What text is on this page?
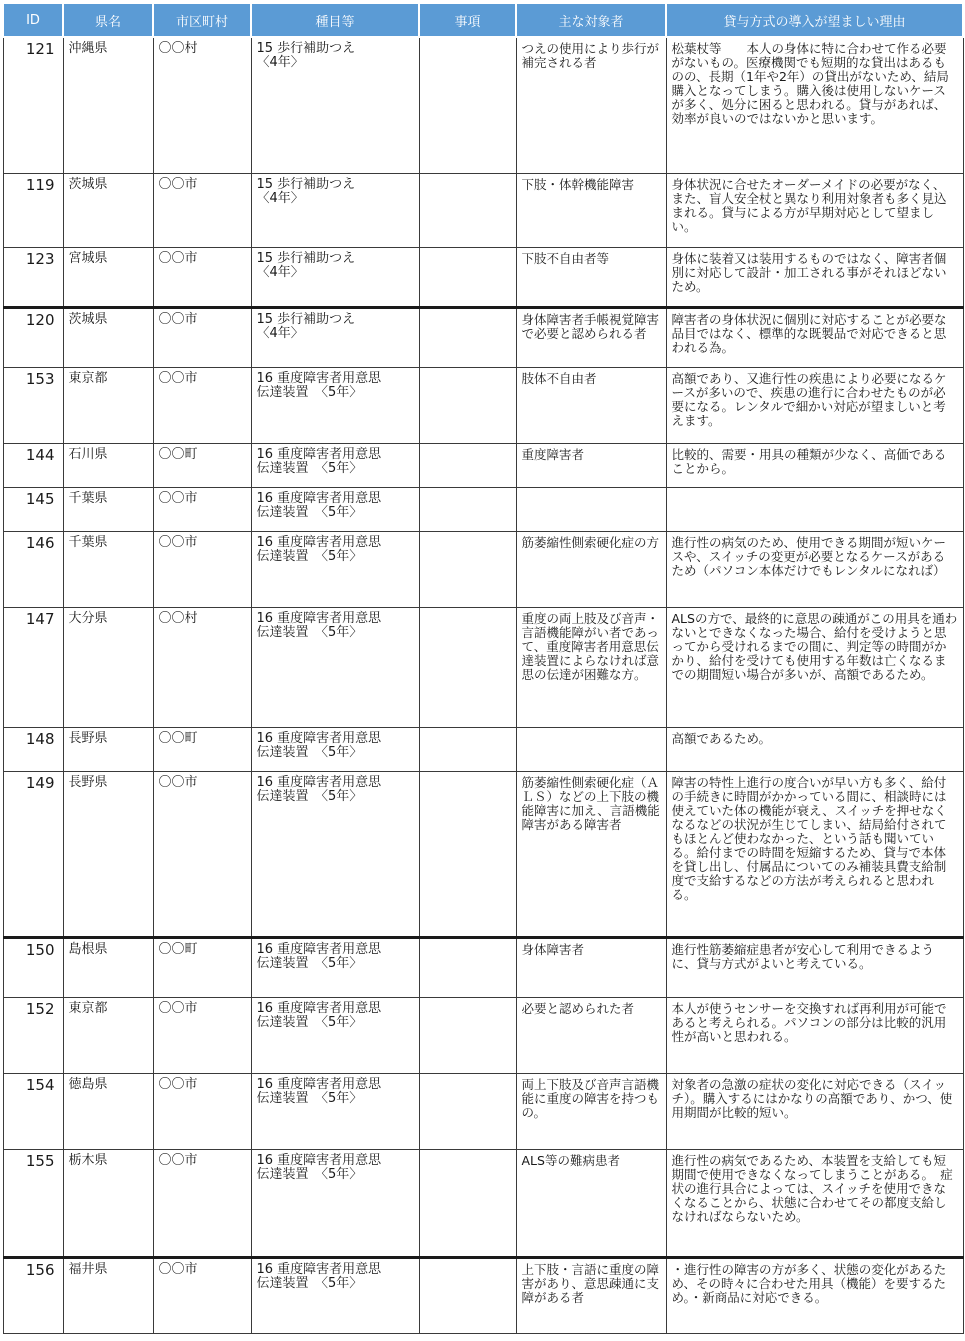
ID	県名	市区町村	種目等	事項	主な対象者	貸与方式の導入が望ましい理由
121	沖縄県	〇〇村	15 歩行補助つえ
〈4年〉		つえの使用により歩行が補完される者	松葉杖等　　本人の身体に特に合わせて作る必要がないもの。医療機関でも短期的な貸出はあるものの、長期（1年や2年）の貸出がないため、結局購入となってしまう。購入後は使用しないケースが多く、処分に困ると思われる。貸与があれば、効率が良いのではないかと思います。
119	茨城県	〇〇市	15 歩行補助つえ
〈4年〉		下肢・体幹機能障害	身体状況に合せたオーダーメイドの必要がなく、また、盲人安全杖と異なり利用対象者も多く見込まれる。貸与による方が早期対応として望ましい。
123	宮城県	〇〇市	15 歩行補助つえ
〈4年〉		下肢不自由者等	身体に装着又は装用するものではなく、障害者個別に対応して設計・加工される事がそれほどないため。
120	茨城県	〇〇市	15 歩行補助つえ
〈4年〉		身体障害者手帳視覚障害で必要と認められる者	障害者の身体状況に個別に対応することが必要な品目ではなく、標準的な既製品で対応できると思われる為。
153	東京都	〇〇市	16 重度障害者用意思
伝達装置　〈5年〉		肢体不自由者	高額であり、又進行性の疾患により必要になるケースが多いので、疾患の進行に合わせたものが必要になる。レンタルで細かい対応が望ましいと考えます。
144	石川県	〇〇町	16 重度障害者用意思
伝達装置　〈5年〉		重度障害者	比較的、需要・用具の種類が少なく、高価であることから。
145	千葉県	〇〇市	16 重度障害者用意思
伝達装置　〈5年〉			

146	千葉県	〇〇市	16 重度障害者用意思
伝達装置　〈5年〉		筋萎縮性側索硬化症の方	進行性の病気のため、使用できる期間が短いケースや、スイッチの変更が必要となるケースがあるため（パソコン本体だけでもレンタルになれば）
147	大分県	〇〇村	16 重度障害者用意思
伝達装置　〈5年〉		重度の両上肢及び音声・言語機能障がい者であって、重度障害者用意思伝達装置によらなければ意思の伝達が困難な方。	ALSの方で、最終的に意思の疎通がこの用具を通わないとできなくなった場合、給付を受けようと思ってから受けれるまでの間に、判定等の時間がかかり、給付を受けても使用する年数は亡くなるまでの期間短い場合が多いが、高額であるため。
148	長野県	〇〇町	16 重度障害者用意思
伝達装置　〈5年〉			高額であるため。
149	長野県	〇〇市	16 重度障害者用意思
伝達装置　〈5年〉		筋萎縮性側索硬化症（ＡＬＳ）などの上下肢の機能障害に加え、言語機能障害がある障害者	障害の特性上進行の度合いが早い方も多く、給付の手続きに時間がかかっている間に、相談時には使えていた体の機能が衰え、スイッチを押せなくなるなどの状況が生じてしまい、結局給付されてもほとんど使わなかった、という話も聞いている。給付までの時間を短縮するため、貸与で本体を貸し出し、付属品についてのみ補装具費支給制度で支給するなどの方法が考えられると思われる。
150	島根県	〇〇町	16 重度障害者用意思
伝達装置　〈5年〉		身体障害者	進行性筋萎縮症患者が安心して利用できるように、貸与方式がよいと考えている。
152	東京都	〇〇市	16 重度障害者用意思
伝達装置　〈5年〉		必要と認められた者	本人が使うセンサーを交換すれば再利用が可能であると考えられる。パソコンの部分は比較的汎用性が高いと思われる。
154	徳島県	〇〇市	16 重度障害者用意思
伝達装置　〈5年〉		両上下肢及び音声言語機能に重度の障害を持つもの。	対象者の急激の症状の変化に対応できる（スイッチ）。購入するにはかなりの高額であり、かつ、使用期間が比較的短い。
155	栃木県	〇〇市	16 重度障害者用意思
伝達装置　〈5年〉		ALS等の難病患者	進行性の病気であるため、本装置を支給しても短期間で使用できなくなってしまうことがある。　症状の進行具合によっては、スイッチを使用できなくなることから、状態に合わせてその都度支給しなければならないため。
156	福井県	〇〇市	16 重度障害者用意思
伝達装置　〈5年〉		上下肢・言語に重度の障害があり、意思疎通に支障がある者	・進行性の障害の方が多く、状態の変化があるため、その時々に合わせた用具（機能）を要するため。・新商品に対応できる。
